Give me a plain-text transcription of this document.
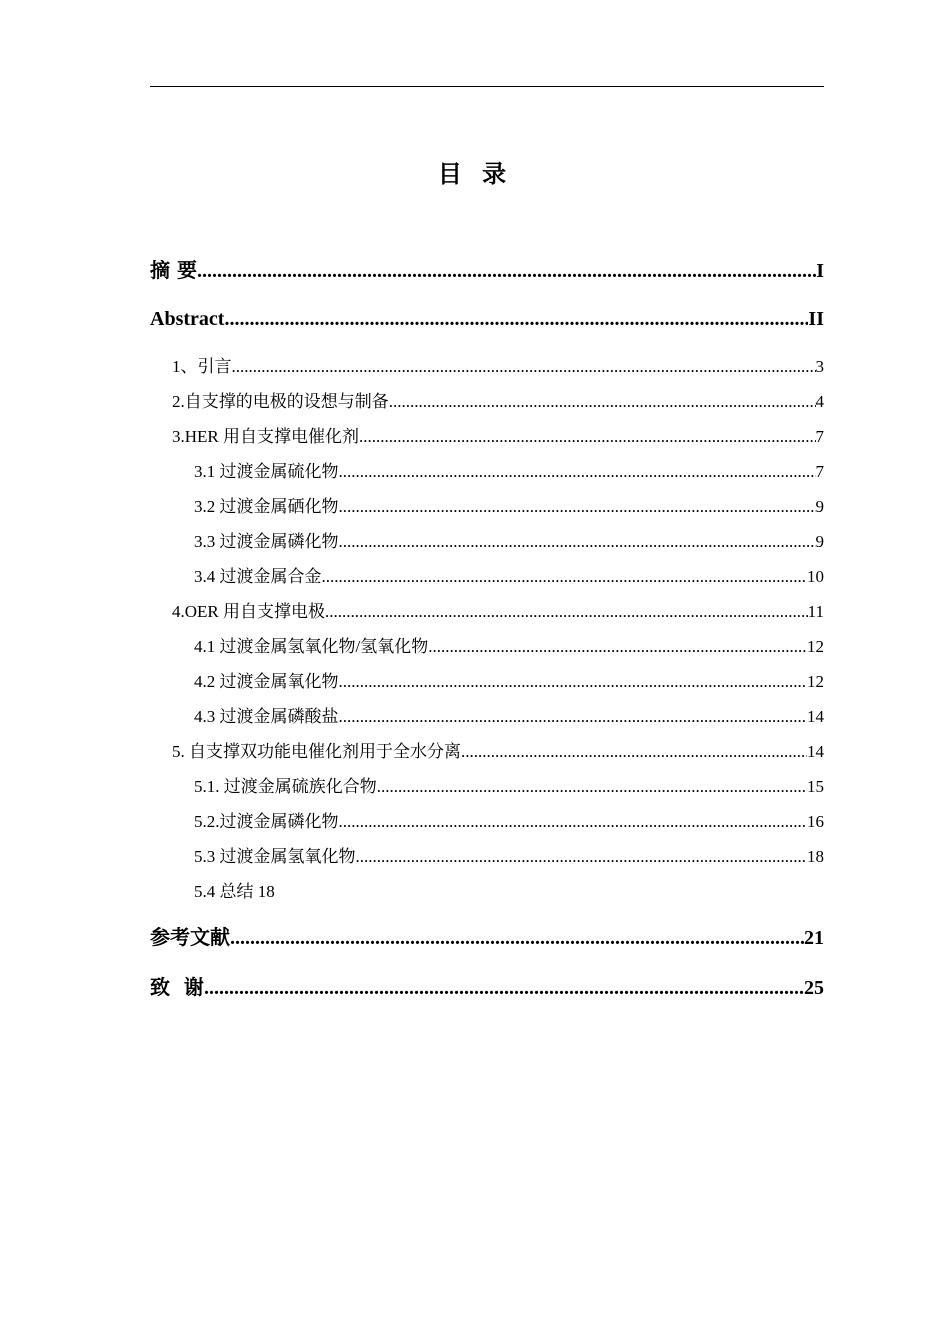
目 录
摘 要 .....	I
Abstract .....	II
1、引言 .....	3
2.自支撑的电极的设想与制备 .....	4
3.HER 用自支撑电催化剂 .....	7
3.1 过渡金属硫化物 .....	7
3.2 过渡金属硒化物 .....	9
3.3 过渡金属磷化物 .....	9
3.4 过渡金属合金 .....	10
4.OER 用自支撑电极 .....	11
4.1 过渡金属氢氧化物/氢氧化物 .....	12
4.2 过渡金属氧化物 .....	12
4.3 过渡金属磷酸盐 .....	14
5. 自支撑双功能电催化剂用于全水分离 .....	14
5.1. 过渡金属硫族化合物 .....	15
5.2.过渡金属磷化物 .....	16
5.3 过渡金属氢氧化物 .....	18
5.4 总结 18
参考文献 .....	21
致  谢 .....	25
